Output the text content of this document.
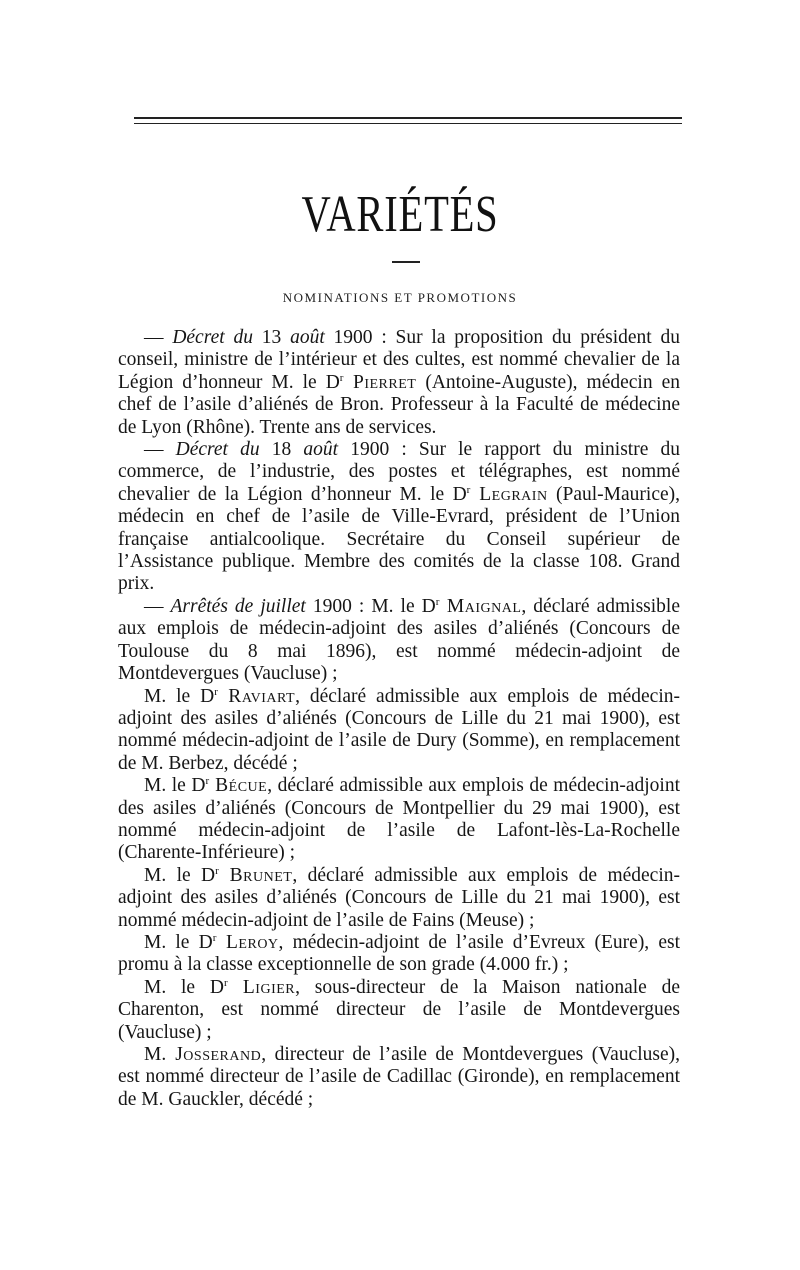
VARIÉTÉS
NOMINATIONS ET PROMOTIONS

— Décret du 13 août 1900 : Sur la proposition du président du conseil, ministre de l’intérieur et des cultes, est nommé chevalier de la Légion d’honneur M. le $D^r$ Pierret (Antoine-Auguste), médecin en chef de l’asile d’aliénés de Bron. Professeur à la Faculté de médecine de Lyon (Rhône). Trente ans de services.

— Décret du 18 août 1900 : Sur le rapport du ministre du commerce, de l’industrie, des postes et télégraphes, est nommé chevalier de la Légion d’honneur M. le $D^r$ Legrain (Paul-Maurice), médecin en chef de l’asile de Ville-Evrard, président de l’Union française antialcoolique. Secrétaire du Conseil supérieur de l’Assistance publique. Membre des comités de la classe 108. Grand prix.

— Arrêtés de juillet 1900 : M. le $D^r$ Maignal, déclaré admissible aux emplois de médecin-adjoint des asiles d’aliénés (Concours de Toulouse du 8 mai 1896), est nommé médecin-adjoint de Montdevergues (Vaucluse) ;

M. le $D^r$ Raviart, déclaré admissible aux emplois de médecin-adjoint des asiles d’aliénés (Concours de Lille du 21 mai 1900), est nommé médecin-adjoint de l’asile de Dury (Somme), en remplacement de M. Berbez, décédé ;

M. le $D^r$ Bécue, déclaré admissible aux emplois de médecin-adjoint des asiles d’aliénés (Concours de Montpellier du 29 mai 1900), est nommé médecin-adjoint de l’asile de Lafont-lès-La-Rochelle (Charente-Inférieure) ;

M. le $D^r$ Brunet, déclaré admissible aux emplois de médecin-adjoint des asiles d’aliénés (Concours de Lille du 21 mai 1900), est nommé médecin-adjoint de l’asile de Fains (Meuse) ;

M. le $D^r$ Leroy, médecin-adjoint de l’asile d’Evreux (Eure), est promu à la classe exceptionnelle de son grade (4.000 fr.) ;

M. le $D^r$ Ligier, sous-directeur de la Maison nationale de Charenton, est nommé directeur de l’asile de Montdevergues (Vaucluse) ;

M. Josserand, directeur de l’asile de Montdevergues (Vaucluse), est nommé directeur de l’asile de Cadillac (Gironde), en remplacement de M. Gauckler, décédé ;
